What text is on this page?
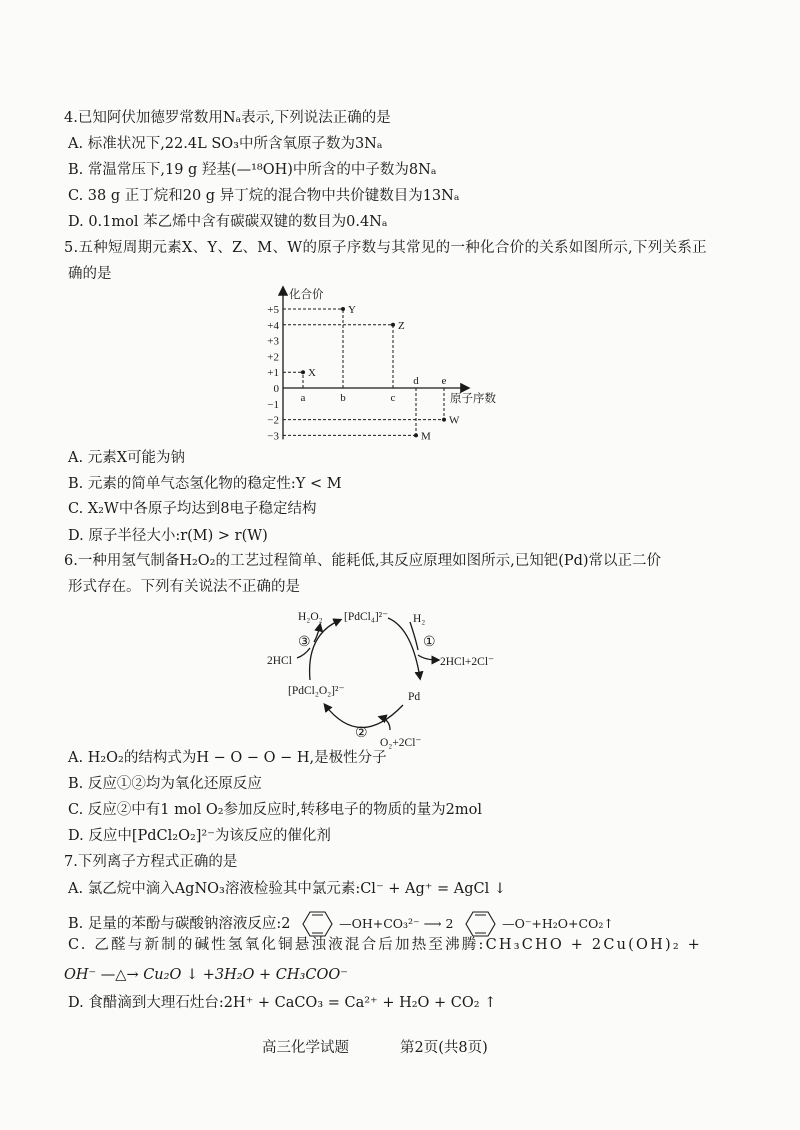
4.已知阿伏加德罗常数用Nₐ表示,下列说法正确的是
A. 标准状况下,22.4L SO₃中所含氧原子数为3Nₐ
B. 常温常压下,19 g 羟基(—¹⁸OH)中所含的中子数为8Nₐ
C. 38 g 正丁烷和20 g 异丁烷的混合物中共价键数目为13Nₐ
D. 0.1mol 苯乙烯中含有碳碳双键的数目为0.4Nₐ
5.五种短周期元素X、Y、Z、M、W的原子序数与其常见的一种化合价的关系如图所示,下列关系正
确的是
化合价
原子序数
+5
+4
+3
+2
+1
0
−1
−2
−3
X
a
Y
b
Z
c
M
d
W
e
A. 元素X可能为钠
B. 元素的简单气态氢化物的稳定性:Y < M
C. X₂W中各原子均达到8电子稳定结构
D. 原子半径大小:r(M) > r(W)
6.一种用氢气制备H₂O₂的工艺过程简单、能耗低,其反应原理如图所示,已知钯(Pd)常以正二价
形式存在。下列有关说法不正确的是
H₂O₂ [PdCl₄]²⁻ H₂
①
2HCl+2Cl⁻
Pd
②
O₂+2Cl⁻
[PdCl₂O₂]²⁻
2HCl
③
A. H₂O₂的结构式为H − O − O − H,是极性分子
B. 反应①②均为氧化还原反应
C. 反应②中有1 mol O₂参加反应时,转移电子的物质的量为2mol
D. 反应中[PdCl₂O₂]²⁻为该反应的催化剂
7.下列离子方程式正确的是
A. 氯乙烷中滴入AgNO₃溶液检验其中氯元素:Cl⁻ + Ag⁺ = AgCl ↓
B. 足量的苯酚与碳酸钠溶液反应:2	—OH+CO₃²⁻ ⟶ 2	—O⁻+H₂O+CO₂↑
C. 乙醛与新制的碱性氢氧化铜悬浊液混合后加热至沸腾:CH₃CHO + 2Cu(OH)₂ +
OH⁻ —△→ Cu₂O ↓ +3H₂O + CH₃COO⁻
D. 食醋滴到大理石灶台:2H⁺ + CaCO₃ = Ca²⁺ + H₂O + CO₂ ↑
高三化学试题	第2页(共8页)
